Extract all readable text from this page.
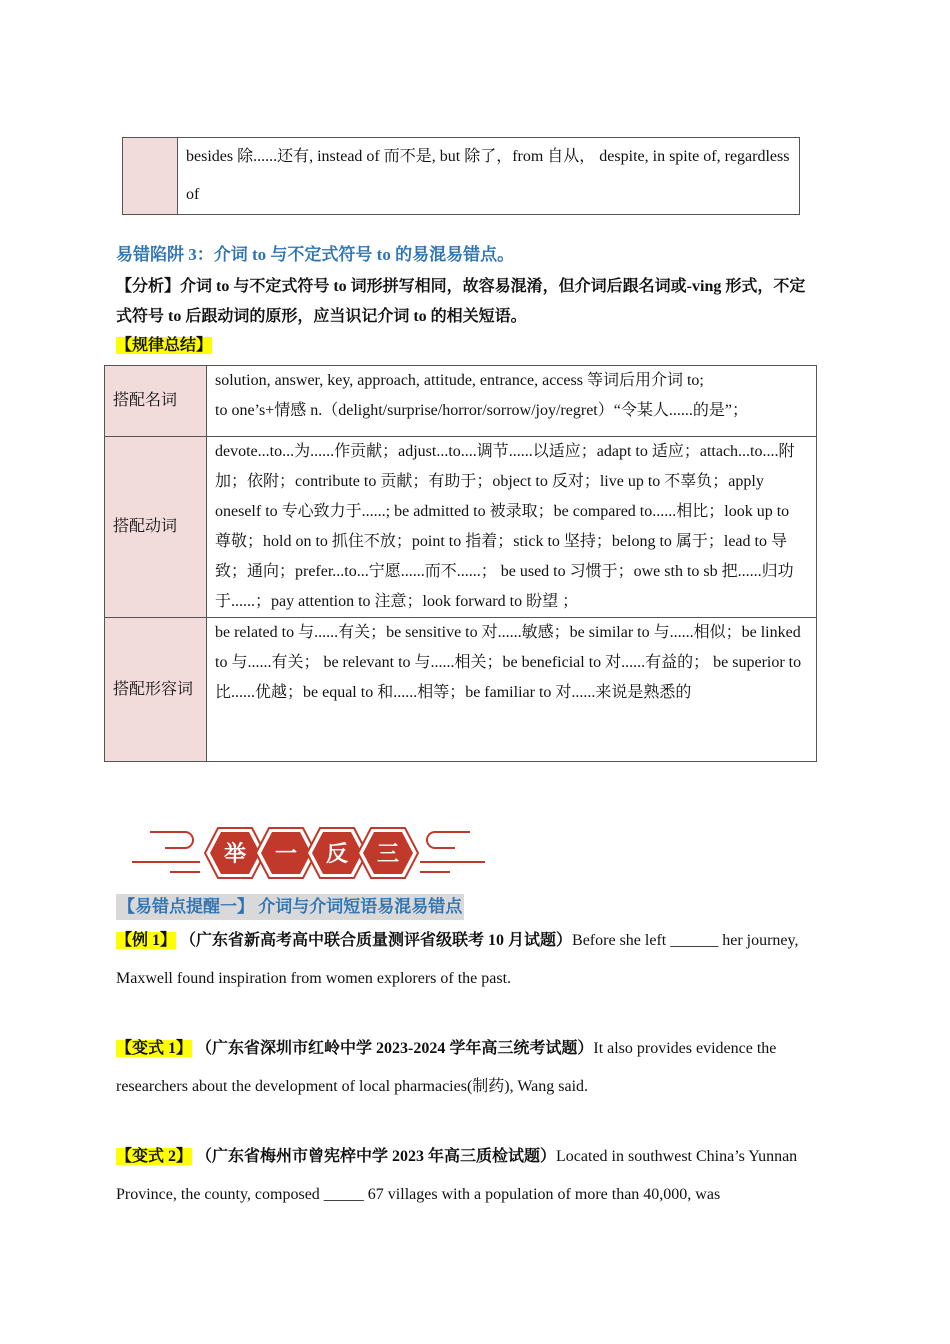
	besides 除......还有, instead of 而不是, but 除了，from 自从， despite, in spite of, regardless of
易错陷阱 3：介词 to 与不定式符号 to 的易混易错点。
【分析】介词 to 与不定式符号 to 词形拼写相同，故容易混淆，但介词后跟名词或-ving 形式，不定式符号 to 后跟动词的原形，应当识记介词 to 的相关短语。
【规律总结】
搭配名词	solution, answer, key, approach, attitude, entrance, access 等词后用介词 to;
to one’s+情感 n.（delight/surprise/horror/sorrow/joy/regret）“令某人......的是”；
搭配动词	devote...to...为......作贡献；adjust...to....调节......以适应；adapt to 适应；attach...to....附加；依附；contribute to 贡献；有助于；object to 反对；live up to 不辜负；apply oneself to 专心致力于......; be admitted to 被录取；be compared to......相比；look up to 尊敬；hold on to 抓住不放；point to 指着；stick to 坚持；belong to 属于；lead to 导致；通向；prefer...to...宁愿......而不......； be used to 习惯于；owe sth to sb 把......归功于......；pay attention to 注意；look forward to 盼望 ；
搭配形容词	be related to 与......有关；be sensitive to 对......敏感；be similar to 与......相似；be linked to 与......有关； be relevant to 与......相关；be beneficial to 对......有益的； be superior to 比......优越；be equal to 和......相等；be familiar to 对......来说是熟悉的
举 一 反 三
【易错点提醒一】 介词与介词短语易混易错点
【例 1】 （广东省新高考高中联合质量测评省级联考 10 月试题）Before she left ______ her journey, Maxwell found inspiration from women explorers of the past.
【变式 1】 （广东省深圳市红岭中学 2023-2024 学年高三统考试题）It also provides evidence the researchers about the development of local pharmacies(制药), Wang said.
【变式 2】 （广东省梅州市曾宪梓中学 2023 年高三质检试题）Located in southwest China’s Yunnan Province, the county, composed _____ 67 villages with a population of more than 40,000, was
